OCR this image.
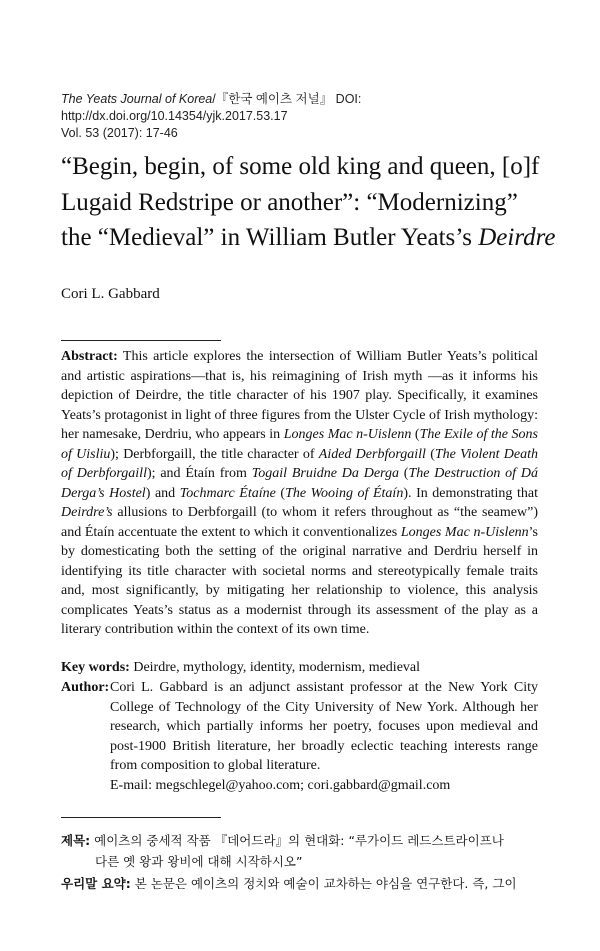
The Yeats Journal of Korea/『한국 예이츠 저널』 DOI: http://dx.doi.org/10.14354/yjk.2017.53.17
Vol. 53 (2017): 17-46
“Begin, begin, of some old king and queen, [o]f
Lugaid Redstripe or another”: “Modernizing”
the “Medieval” in William Butler Yeats’s Deirdre
Cori L. Gabbard
Abstract: This article explores the intersection of William Butler Yeats’s political and artistic aspirations—that is, his reimagining of Irish myth —as it informs his depiction of Deirdre, the title character of his 1907 play. Specifically, it examines Yeats’s protagonist in light of three figures from the Ulster Cycle of Irish mythology: her namesake, Derdriu, who appears in Longes Mac n-Uislenn (The Exile of the Sons of Uisliu); Derbforgaill, the title character of Aided Derbforgaill (The Violent Death of Derbforgaill); and Étaín from Togail Bruidne Da Derga (The Destruction of Dá Derga’s Hostel) and Tochmarc Étaíne (The Wooing of Étaín). In demonstrating that Deirdre’s allusions to Derbforgaill (to whom it refers throughout as “the seamew”) and Étaín accentuate the extent to which it conventionalizes Longes Mac n-Uislenn’s by domesticating both the setting of the original narrative and Derdriu herself in identifying its title character with societal norms and stereotypically female traits and, most significantly, by mitigating her relationship to violence, this analysis complicates Yeats’s status as a modernist through its assessment of the play as a literary contribution within the context of its own time.
Key words: Deirdre, mythology, identity, modernism, medieval
Author: Cori L. Gabbard is an adjunct assistant professor at the New York City College of Technology of the City University of New York. Although her research, which partially informs her poetry, focuses upon medieval and post-1900 British literature, her broadly eclectic teaching interests range from composition to global literature.
E-mail: megschlegel@yahoo.com; cori.gabbard@gmail.com
제목: 예이츠의 중세적 작품 『데어드라』의 현대화: “루가이드 레드스트라이프나
다른 옛 왕과 왕비에 대해 시작하시오”
우리말 요약: 본 논문은 예이츠의 정치와 예술이 교차하는 야심을 연구한다. 즉, 그이
